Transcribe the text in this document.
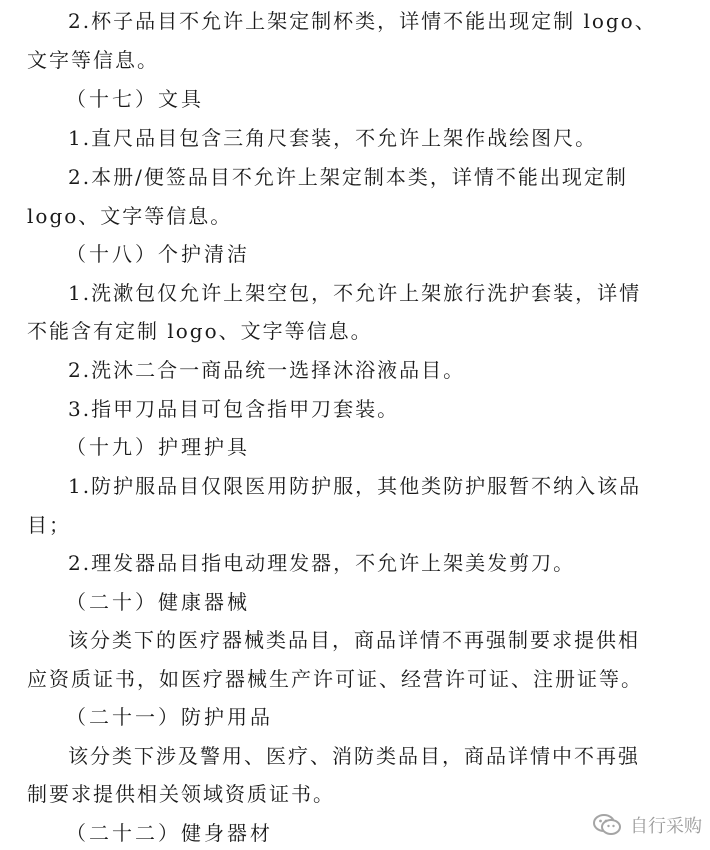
2.杯子品目不允许上架定制杯类，详情不能出现定制 logo、
文字等信息。
（十七）文具
1.直尺品目包含三角尺套装，不允许上架作战绘图尺。
2.本册/便签品目不允许上架定制本类，详情不能出现定制
logo、文字等信息。
（十八）个护清洁
1.洗漱包仅允许上架空包，不允许上架旅行洗护套装，详情
不能含有定制 logo、文字等信息。
2.洗沐二合一商品统一选择沐浴液品目。
3.指甲刀品目可包含指甲刀套装。
（十九）护理护具
1.防护服品目仅限医用防护服，其他类防护服暂不纳入该品
目；
2.理发器品目指电动理发器，不允许上架美发剪刀。
（二十）健康器械
该分类下的医疗器械类品目，商品详情不再强制要求提供相
应资质证书，如医疗器械生产许可证、经营许可证、注册证等。
（二十一）防护用品
该分类下涉及警用、医疗、消防类品目，商品详情中不再强
制要求提供相关领域资质证书。
（二十二）健身器材	自行采购
